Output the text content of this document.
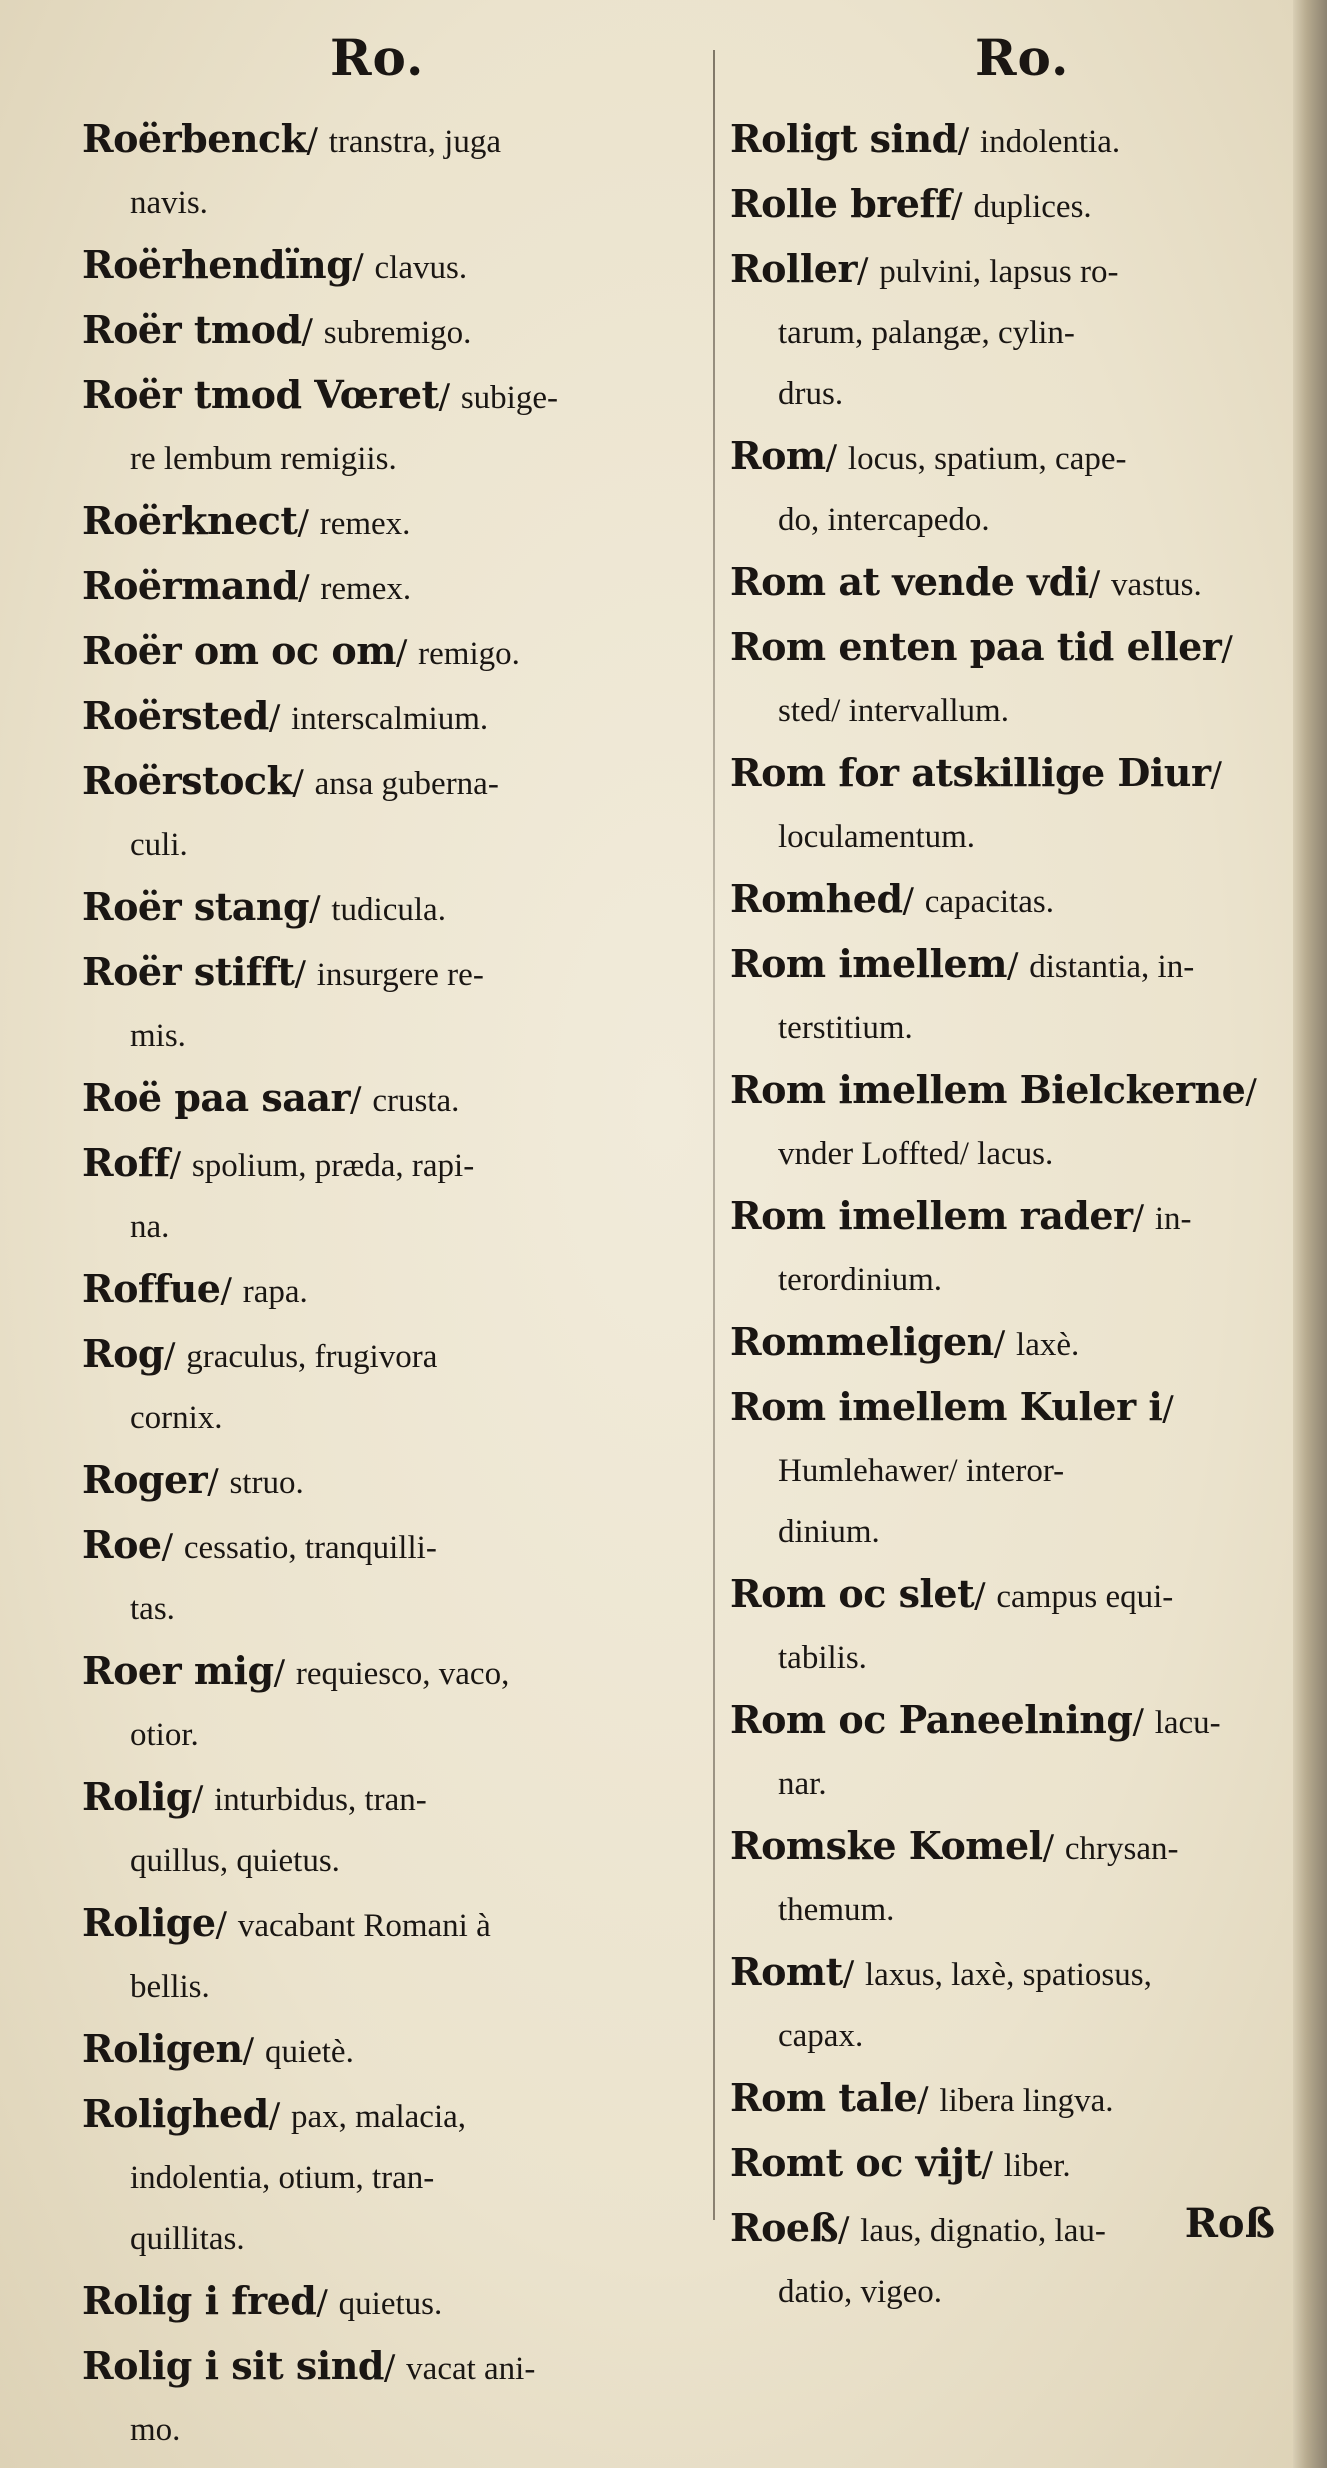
Ro.	Ro.
Roërbenck/ transtra, juga
navis.
Roërhendïng/ clavus.
Roër tmod/ subremigo.
Roër tmod Vœret/ subige-
re lembum remigiis.
Roërknect/ remex.
Roërmand/ remex.
Roër om oc om/ remigo.
Roërsted/ interscalmium.
Roërstock/ ansa guberna-
culi.
Roër stang/ tudicula.
Roër stifft/ insurgere re-
mis.
Roë paa saar/ crusta.
Roff/ spolium, præda, rapi-
na.
Roffue/ rapa.
Rog/ graculus, frugivora
cornix.
Roger/ struo.
Roe/ cessatio, tranquilli-
tas.
Roer mig/ requiesco, vaco,
otior.
Rolig/ inturbidus, tran-
quillus, quietus.
Rolige/ vacabant Romani à
bellis.
Roligen/ quietè.
Rolighed/ pax, malacia,
indolentia, otium, tran-
quillitas.
Rolig i fred/ quietus.
Rolig i sit sind/ vacat ani-
mo.
Roligt sind/ indolentia.
Rolle breff/ duplices.
Roller/ pulvini, lapsus ro-
tarum, palangæ, cylin-
drus.
Rom/ locus, spatium, cape-
do, intercapedo.
Rom at vende vdi/ vastus.
Rom enten paa tid eller/
sted/ intervallum.
Rom for atskillige Diur/
loculamentum.
Romhed/ capacitas.
Rom imellem/ distantia, in-
terstitium.
Rom imellem Bielckerne/
vnder Loffted/ lacus.
Rom imellem rader/ in-
terordinium.
Rommeligen/ laxè.
Rom imellem Kuler i/
Humlehawer/ interor-
dinium.
Rom oc slet/ campus equi-
tabilis.
Rom oc Paneelning/ lacu-
nar.
Romske Komel/ chrysan-
themum.
Romt/ laxus, laxè, spatiosus,
capax.
Rom tale/ libera lingva.
Romt oc vijt/ liber.
Roeß/ laus, dignatio, lau-
datio, vigeo.
Roß
